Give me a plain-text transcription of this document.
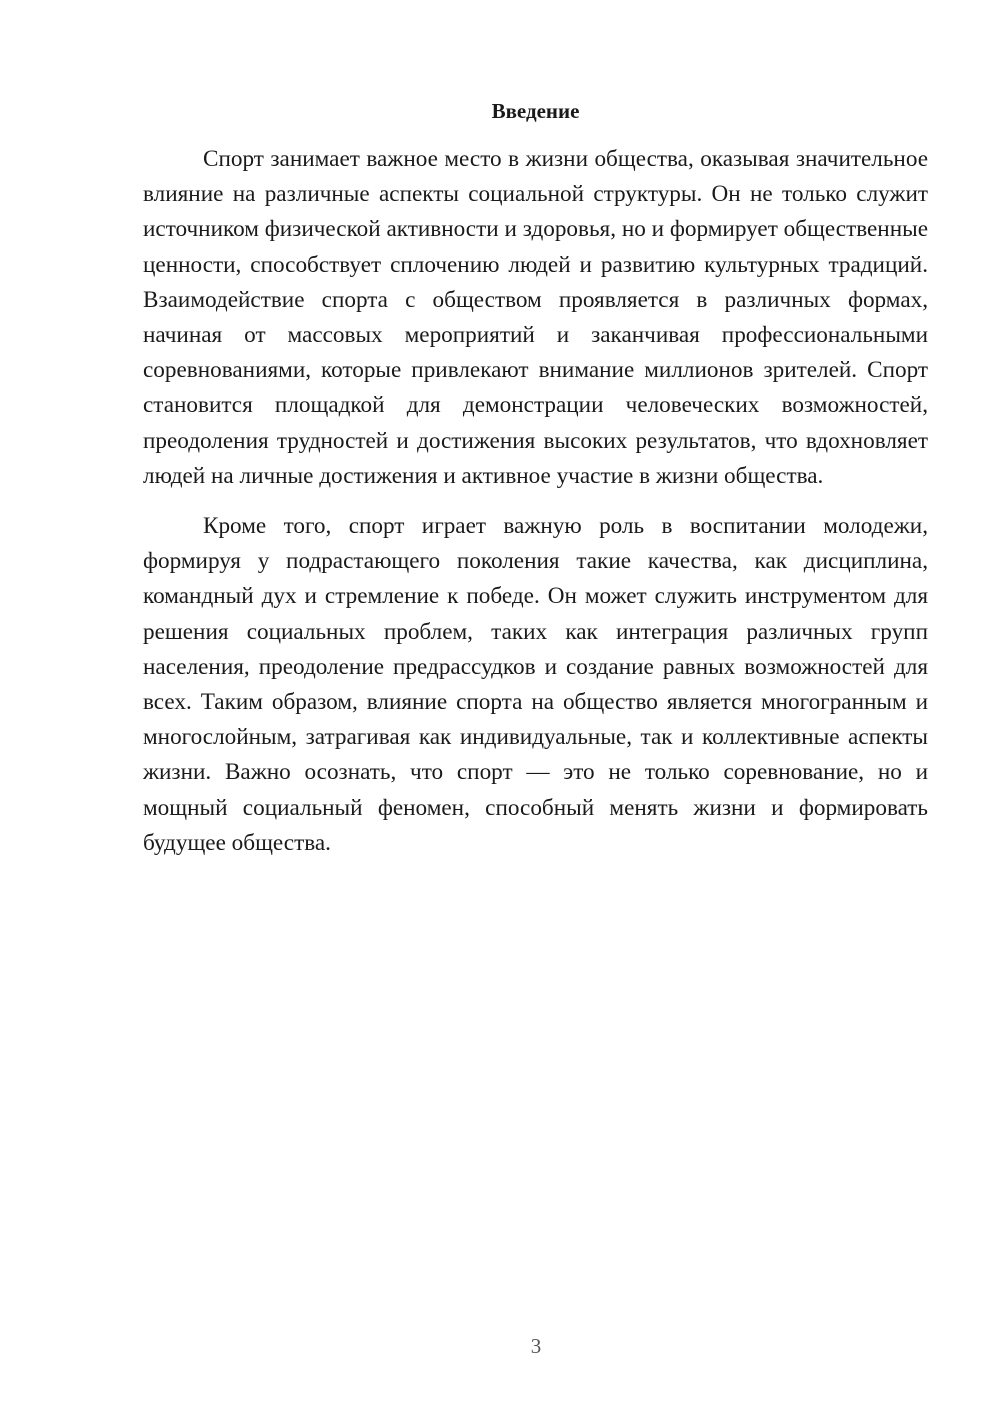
Введение

Спорт занимает важное место в жизни общества, оказывая значительное влияние на различные аспекты социальной структуры. Он не только служит источником физической активности и здоровья, но и формирует общественные ценности, способствует сплочению людей и развитию культурных традиций. Взаимодействие спорта с обществом проявляется в различных формах, начиная от массовых мероприятий и заканчивая профессиональными соревнованиями, которые привлекают внимание миллионов зрителей. Спорт становится площадкой для демонстрации человеческих возможностей, преодоления трудностей и достижения высоких результатов, что вдохновляет людей на личные достижения и активное участие в жизни общества.

Кроме того, спорт играет важную роль в воспитании молодежи, формируя у подрастающего поколения такие качества, как дисциплина, командный дух и стремление к победе. Он может служить инструментом для решения социальных проблем, таких как интеграция различных групп населения, преодоление предрассудков и создание равных возможностей для всех. Таким образом, влияние спорта на общество является многогранным и многослойным, затрагивая как индивидуальные, так и коллективные аспекты жизни. Важно осознать, что спорт — это не только соревнование, но и мощный социальный феномен, способный менять жизни и формировать будущее общества.

3
